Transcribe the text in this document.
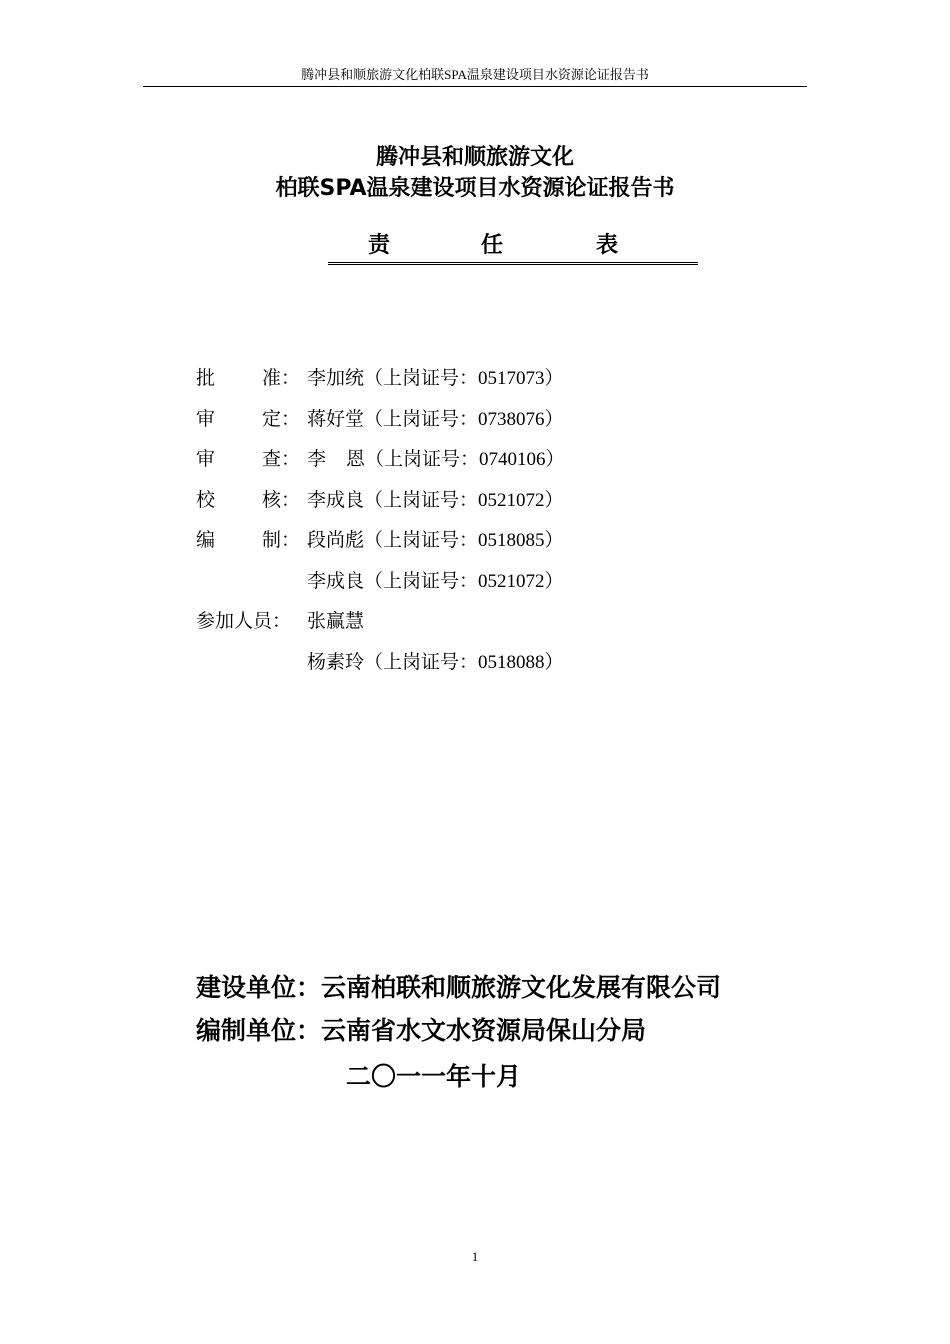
腾冲县和顺旅游文化柏联SPA温泉建设项目水资源论证报告书
腾冲县和顺旅游文化
柏联SPA温泉建设项目水资源论证报告书
责	任	表
批 准： 李加统（上岗证号：0517073）
审 定： 蒋好堂（上岗证号：0738076）
审 查： 李恩（上岗证号：0740106）
校 核： 李成良（上岗证号：0521072）
编 制： 段尚彪（上岗证号：0518085）
李成良（上岗证号：0521072）
参加人员： 张赢慧
杨素玲（上岗证号：0518088）
建设单位：云南柏联和顺旅游文化发展有限公司
编制单位：云南省水文水资源局保山分局
二〇一一年十月
1
